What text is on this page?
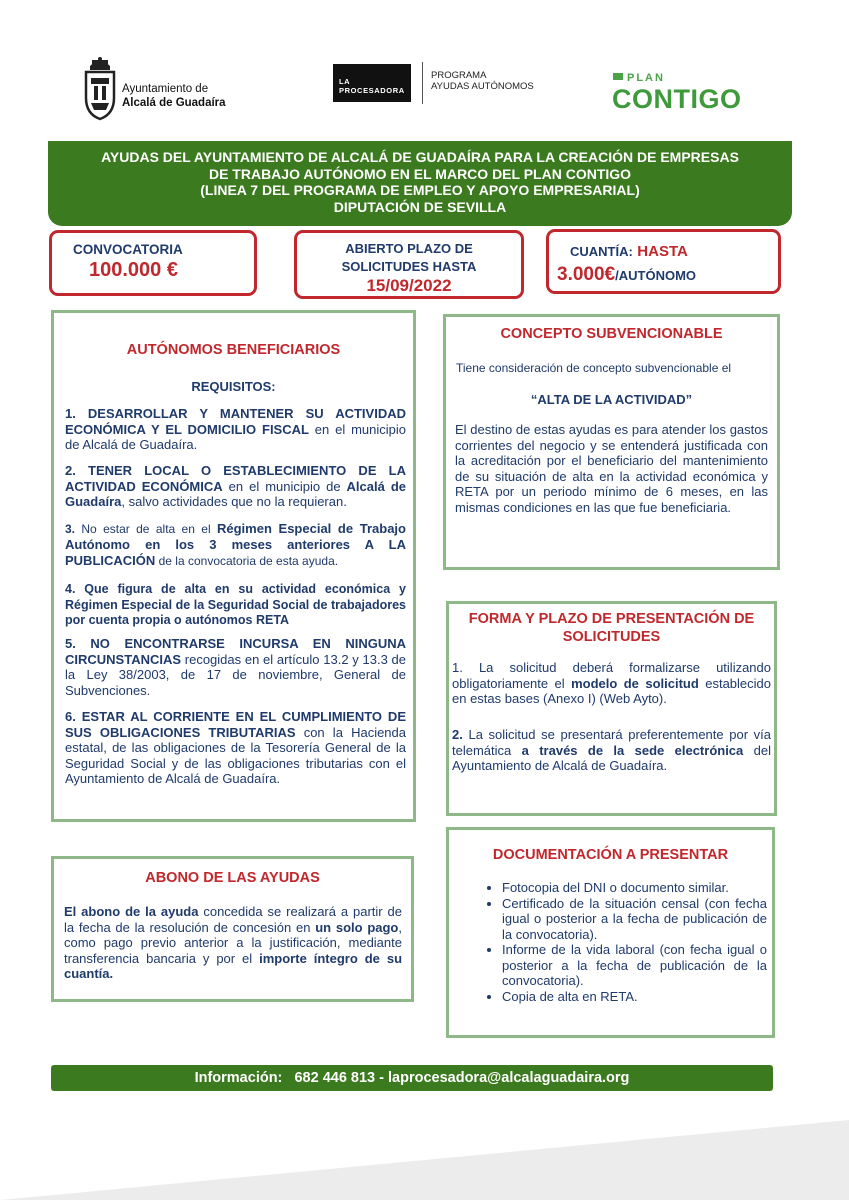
Ayuntamiento de
Alcalá de Guadaíra
LA PROCESADORA
PROGRAMA
AYUDAS AUTÓNOMOS
PLAN
CONTIGO
AYUDAS DEL AYUNTAMIENTO DE ALCALÁ DE GUADAÍRA PARA LA CREACIÓN DE EMPRESAS
DE TRABAJO AUTÓNOMO EN EL MARCO DEL PLAN CONTIGO
(LINEA 7 DEL PROGRAMA DE EMPLEO Y APOYO EMPRESARIAL)
DIPUTACIÓN DE SEVILLA
CONVOCATORIA
100.000 €
ABIERTO PLAZO DE
SOLICITUDES HASTA
15/09/2022
CUANTÍA: HASTA
3.000€/AUTÓNOMO
AUTÓNOMOS BENEFICIARIOS
REQUISITOS:

1. DESARROLLAR Y MANTENER SU ACTIVIDAD ECONÓMICA Y EL DOMICILIO FISCAL en el municipio de Alcalá de Guadaíra.

2. TENER LOCAL O ESTABLECIMIENTO DE LA ACTIVIDAD ECONÓMICA en el municipio de Alcalá de Guadaíra, salvo actividades que no la requieran.

3. No estar de alta en el Régimen Especial de Trabajo Autónomo en los 3 meses anteriores A LA PUBLICACIÓN de la convocatoria de esta ayuda.

4. Que figura de alta en su actividad económica y Régimen Especial de la Seguridad Social de trabajadores por cuenta propia o autónomos RETA

5. NO ENCONTRARSE INCURSA EN NINGUNA CIRCUNSTANCIAS recogidas en el artículo 13.2 y 13.3 de la Ley 38/2003, de 17 de noviembre, General de Subvenciones.

6. ESTAR AL CORRIENTE EN EL CUMPLIMIENTO DE SUS OBLIGACIONES TRIBUTARIAS con la Hacienda estatal, de las obligaciones de la Tesorería General de la Seguridad Social y de las obligaciones tributarias con el Ayuntamiento de Alcalá de Guadaíra.

CONCEPTO SUBVENCIONABLE
Tiene consideración de concepto subvencionable el
“ALTA DE LA ACTIVIDAD”

El destino de estas ayudas es para atender los gastos corrientes del negocio y se entenderá justificada con la acreditación por el beneficiario del mantenimiento de su situación de alta en la actividad económica y RETA por un periodo mínimo de 6 meses, en las mismas condiciones en las que fue beneficiaria.

FORMA Y PLAZO DE PRESENTACIÓN DE
SOLICITUDES

1. La solicitud deberá formalizarse utilizando obligatoriamente el modelo de solicitud establecido en estas bases (Anexo I) (Web Ayto).

2. La solicitud se presentará preferentemente por vía telemática a través de la sede electrónica del Ayuntamiento de Alcalá de Guadaíra.

DOCUMENTACIÓN A PRESENTAR
• Fotocopia del DNI o documento similar.
• Certificado de la situación censal (con fecha igual o posterior a la fecha de publicación de la convocatoria).
• Informe de la vida laboral (con fecha igual o posterior a la fecha de publicación de la convocatoria).
• Copia de alta en RETA.
ABONO DE LAS AYUDAS

El abono de la ayuda concedida se realizará a partir de la fecha de la resolución de concesión en un solo pago, como pago previo anterior a la justificación, mediante transferencia bancaria y por el importe íntegro de su cuantía.

Información: 682 446 813 - laprocesadora@alcalaguadaira.org
